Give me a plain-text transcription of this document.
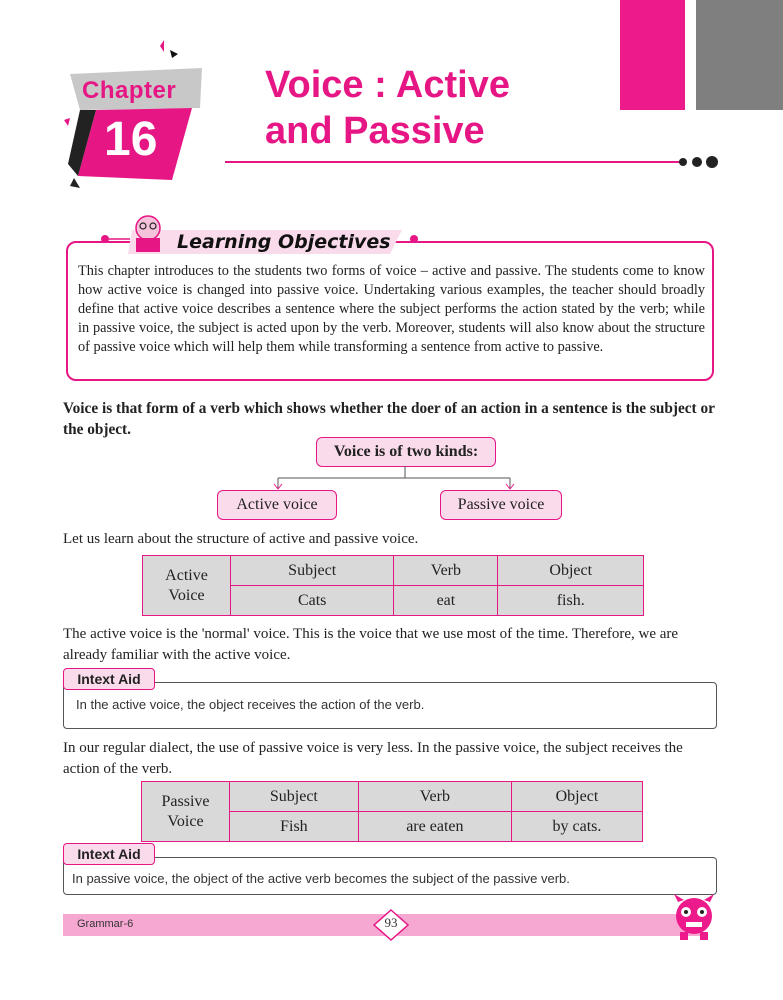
Chapter
16
Voice : Active
and Passive
Learning Objectives
This chapter introduces to the students two forms of voice – active and passive. The students come to know how active voice is changed into passive voice. Undertaking various examples, the teacher should broadly define that active voice describes a sentence where the subject performs the action stated by the verb; while in passive voice, the subject is acted upon by the verb. Moreover, students will also know about the structure of passive voice which will help them while transforming a sentence from active to passive.
Voice is that form of a verb which shows whether the doer of an action in a sentence is the subject or the object.
Voice is of two kinds:
Active voice	Passive voice
Let us learn about the structure of active and passive voice.
Active
Voice	Subject	Verb	Object
	Cats	eat	fish.
The active voice is the 'normal' voice. This is the voice that we use most of the time. Therefore, we are already familiar with the active voice.
In the active voice, the object receives the action of the verb.
Intext Aid
In our regular dialect, the use of passive voice is very less. In the passive voice, the subject receives the action of the verb.
Passive
Voice	Subject	Verb	Object
	Fish	are eaten	by cats.
In passive voice, the object of the active verb becomes the subject of the passive verb.
Intext Aid
Grammar-6	93
